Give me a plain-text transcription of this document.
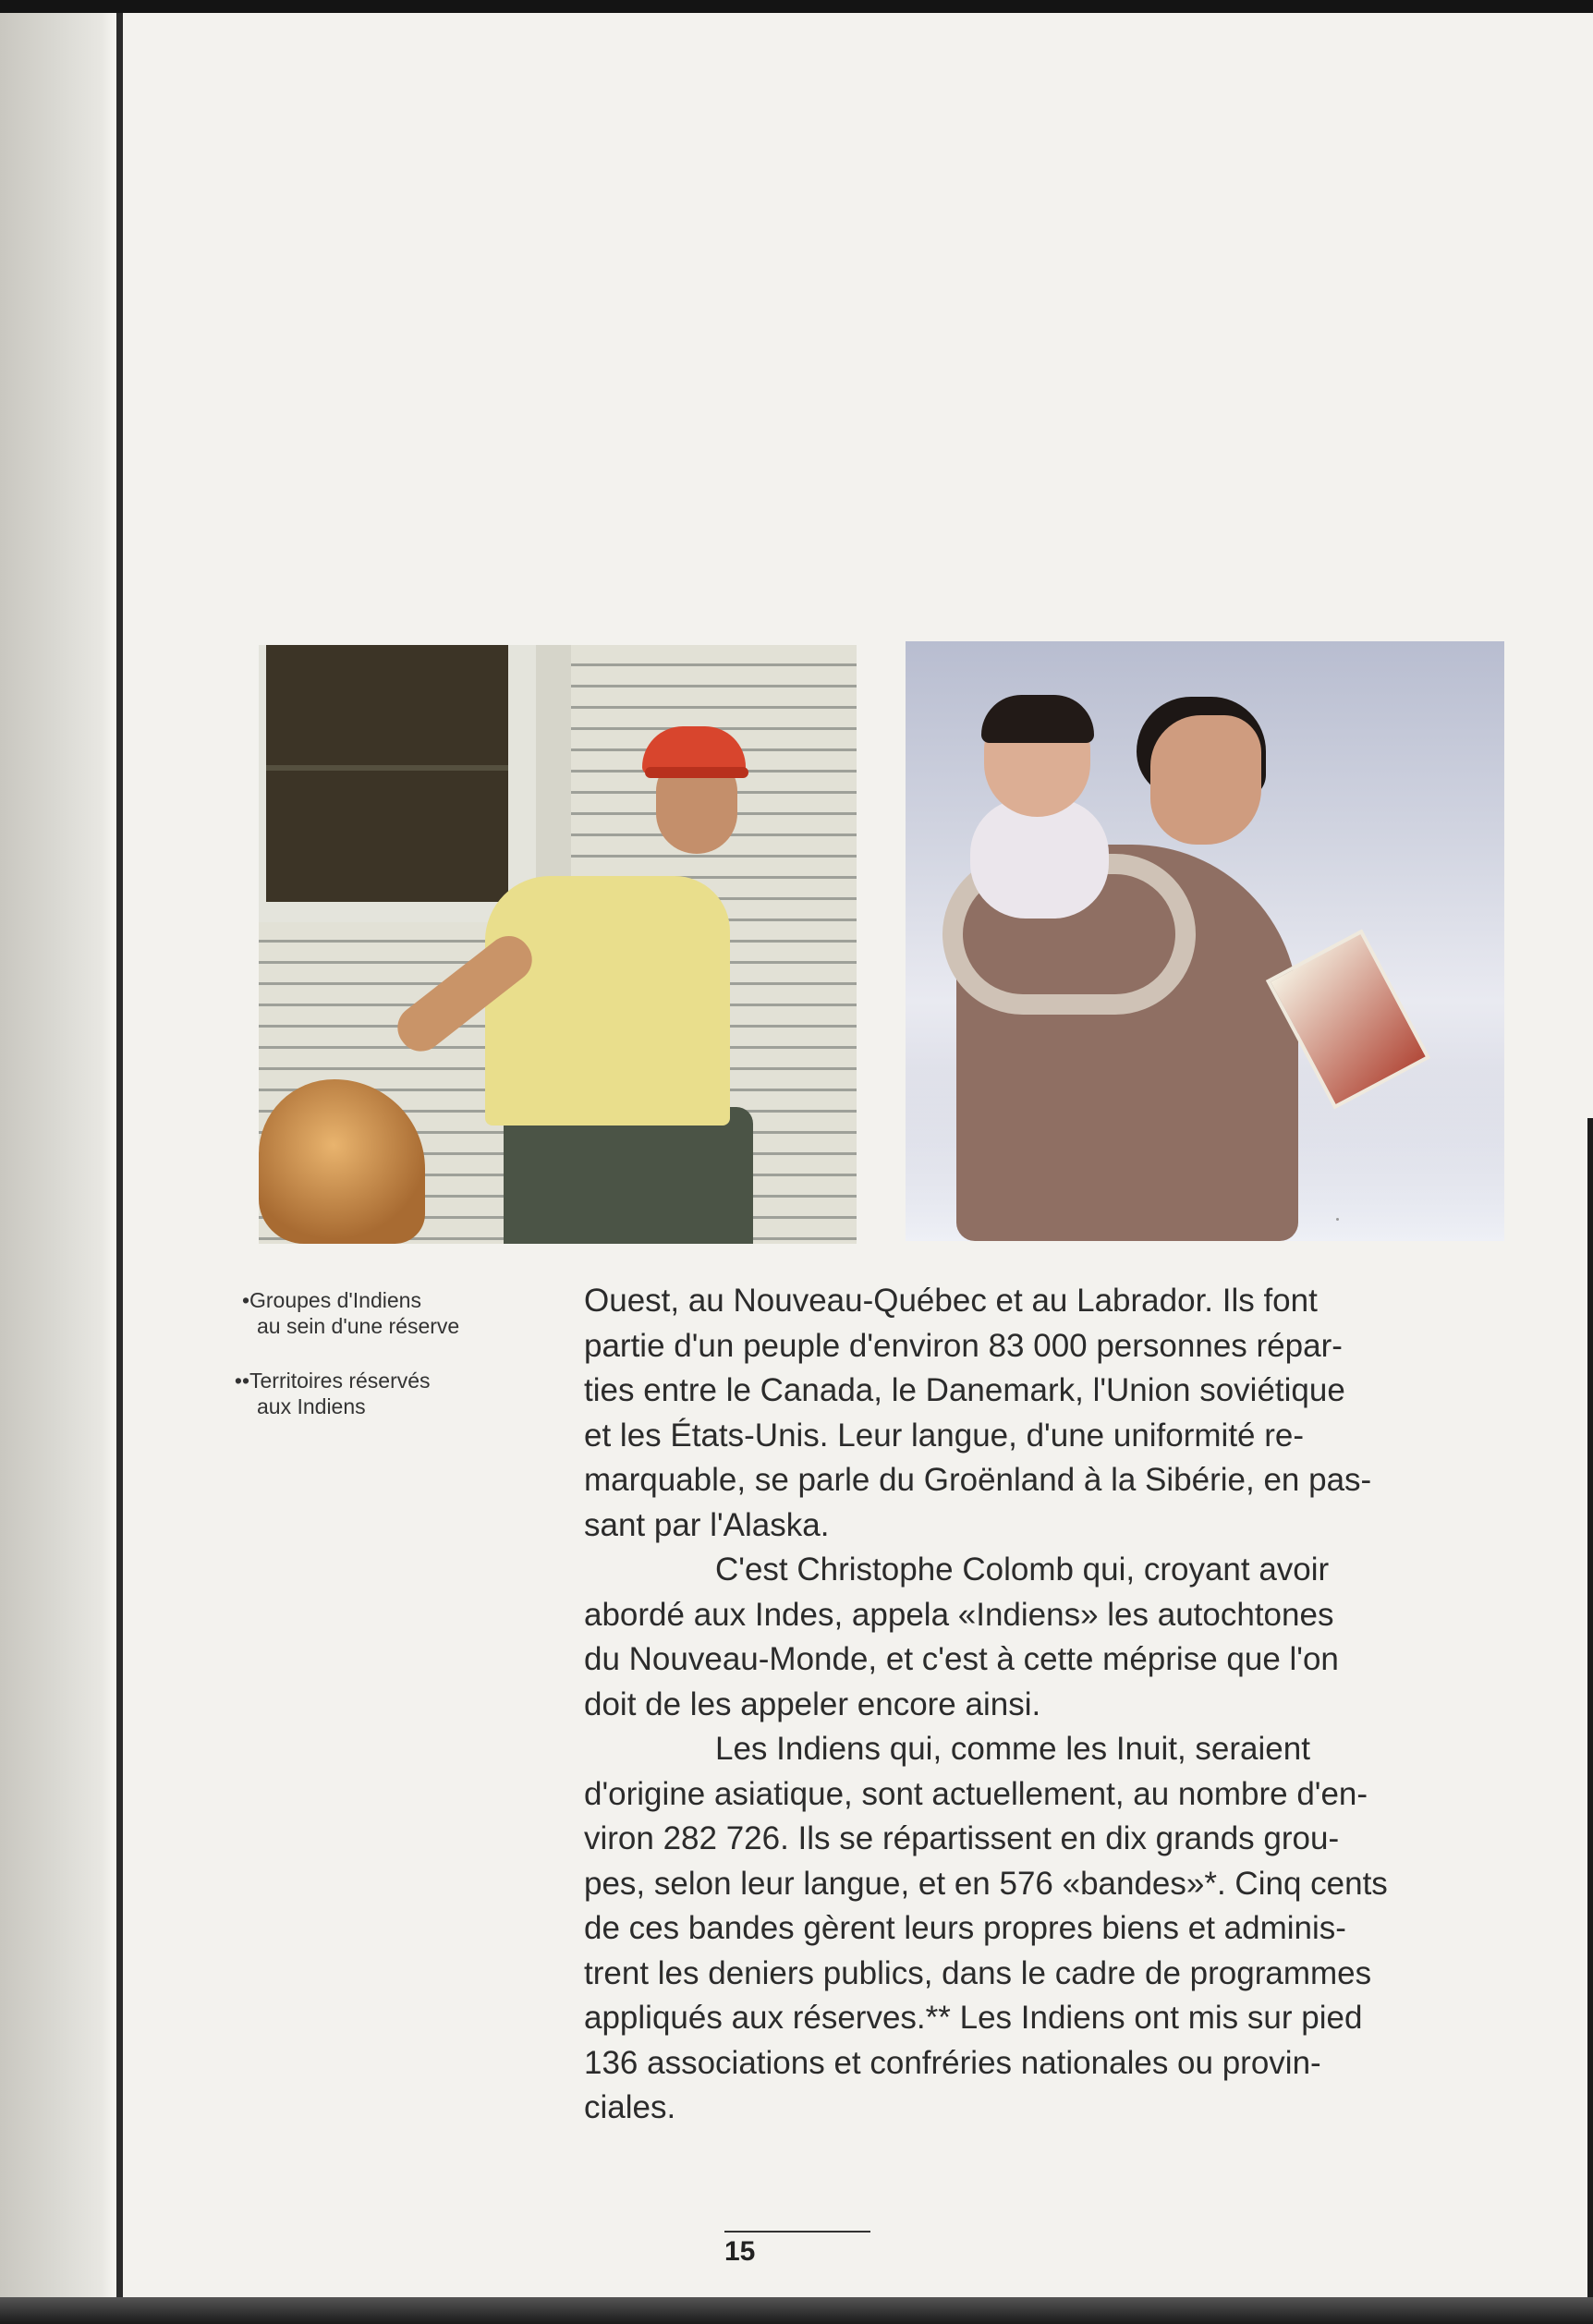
•Groupes d'Indiens
au sein d'une réserve
••Territoires réservés
aux Indiens
Ouest, au Nouveau-Québec et au Labrador. Ils font
partie d'un peuple d'environ 83 000 personnes répar-
ties entre le Canada, le Danemark, l'Union soviétique
et les États-Unis. Leur langue, d'une uniformité re-
marquable, se parle du Groënland à la Sibérie, en pas-
sant par l'Alaska.
C'est Christophe Colomb qui, croyant avoir
abordé aux Indes, appela «Indiens» les autochtones
du Nouveau-Monde, et c'est à cette méprise que l'on
doit de les appeler encore ainsi.
Les Indiens qui, comme les Inuit, seraient
d'origine asiatique, sont actuellement, au nombre d'en-
viron 282 726. Ils se répartissent en dix grands grou-
pes, selon leur langue, et en 576 «bandes»*. Cinq cents
de ces bandes gèrent leurs propres biens et adminis-
trent les deniers publics, dans le cadre de programmes
appliqués aux réserves.** Les Indiens ont mis sur pied
136 associations et confréries nationales ou provin-
ciales.
15
